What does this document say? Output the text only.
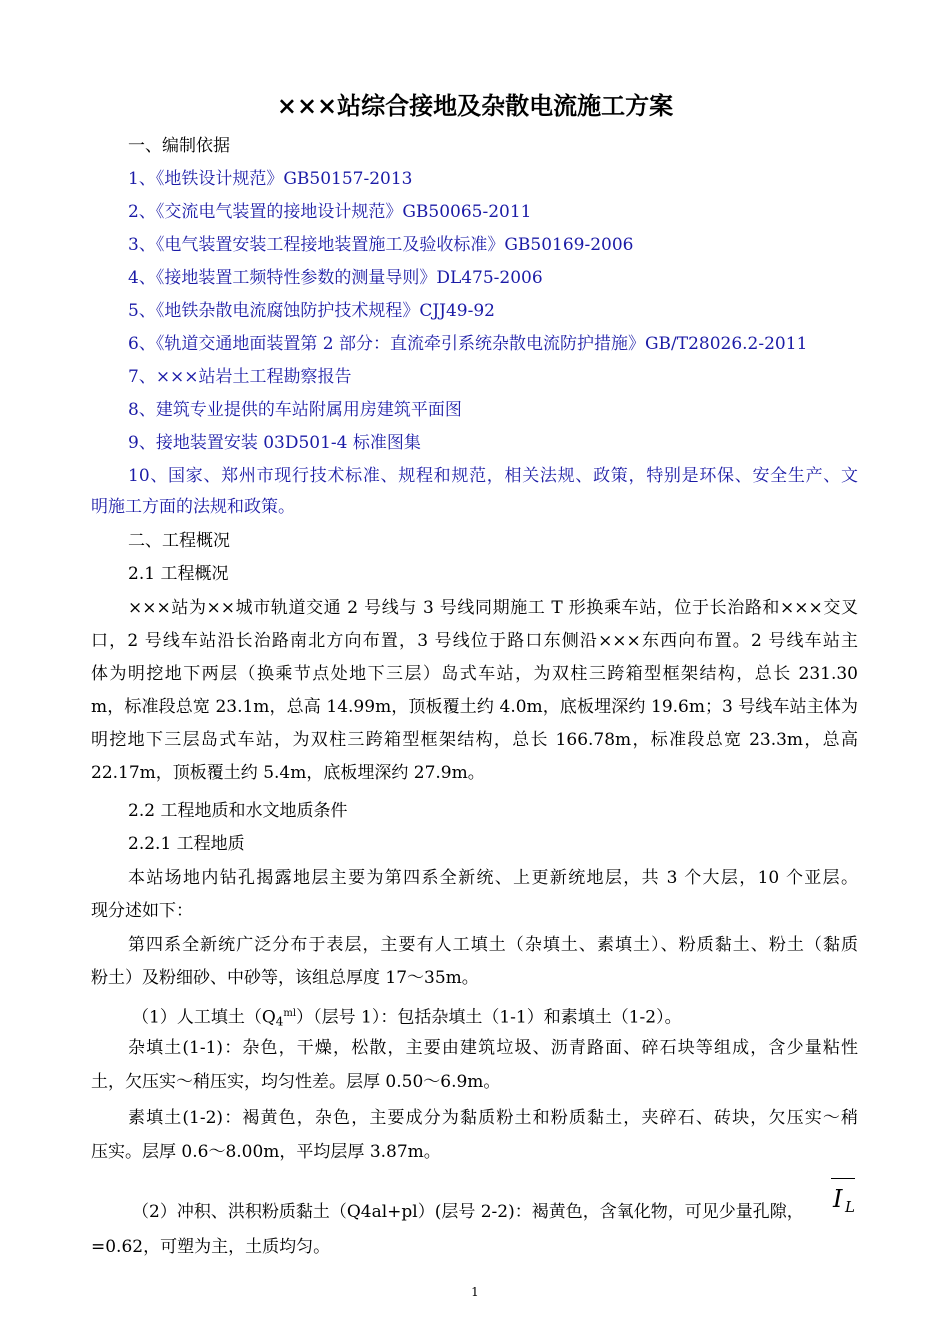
×××站综合接地及杂散电流施工方案
一、编制依据
1、《地铁设计规范》GB50157-2013
2、《交流电气装置的接地设计规范》GB50065-2011
3、《电气装置安装工程接地装置施工及验收标准》GB50169-2006
4、《接地装置工频特性参数的测量导则》DL475-2006
5、《地铁杂散电流腐蚀防护技术规程》CJJ49-92
6、《轨道交通地面装置第 2 部分：直流牵引系统杂散电流防护措施》GB/T28026.2-2011
7、×××站岩土工程勘察报告
8、建筑专业提供的车站附属用房建筑平面图
9、接地装置安装 03D501-4 标准图集
10、国家、郑州市现行技术标准、规程和规范，相关法规、政策，特别是环保、安全生产、文
明施工方面的法规和政策。
二、工程概况
2.1 工程概况
×××站为××城市轨道交通 2 号线与 3 号线同期施工 T 形换乘车站，位于长治路和×××交叉
口，2 号线车站沿长治路南北方向布置，3 号线位于路口东侧沿×××东西向布置。2 号线车站主
体为明挖地下两层（换乘节点处地下三层）岛式车站，为双柱三跨箱型框架结构，总长 231.30
m，标准段总宽 23.1m，总高 14.99m，顶板覆土约 4.0m，底板埋深约 19.6m；3 号线车站主体为
明挖地下三层岛式车站，为双柱三跨箱型框架结构，总长 166.78m，标准段总宽 23.3m，总高
22.17m，顶板覆土约 5.4m，底板埋深约 27.9m。
2.2 工程地质和水文地质条件
2.2.1 工程地质
本站场地内钻孔揭露地层主要为第四系全新统、上更新统地层，共 3 个大层，10 个亚层。
现分述如下：
第四系全新统广泛分布于表层，主要有人工填土（杂填土、素填土）、粉质黏土、粉土（黏质
粉土）及粉细砂、中砂等，该组总厚度 17～35m。
（1）人工填土$(Q4^{ml})$（层号 1）：包括杂填土（1-1）和素填土（1-2）。
杂填土(1-1)：杂色，干燥，松散，主要由建筑垃圾、沥青路面、碎石块等组成，含少量粘性
土，欠压实～稍压实，均匀性差。层厚 0.50～6.9m。
素填土(1-2)：褐黄色，杂色，主要成分为黏质粉土和粉质黏土，夹碎石、砖块，欠压实～稍
压实。层厚 0.6～8.00m，平均层厚 3.87m。
（2）冲积、洪积粉质黏土（Q4al+pl）(层号 2-2)：褐黄色，含氧化物，可见少量孔隙， I L
=0.62，可塑为主，土质均匀。
1
